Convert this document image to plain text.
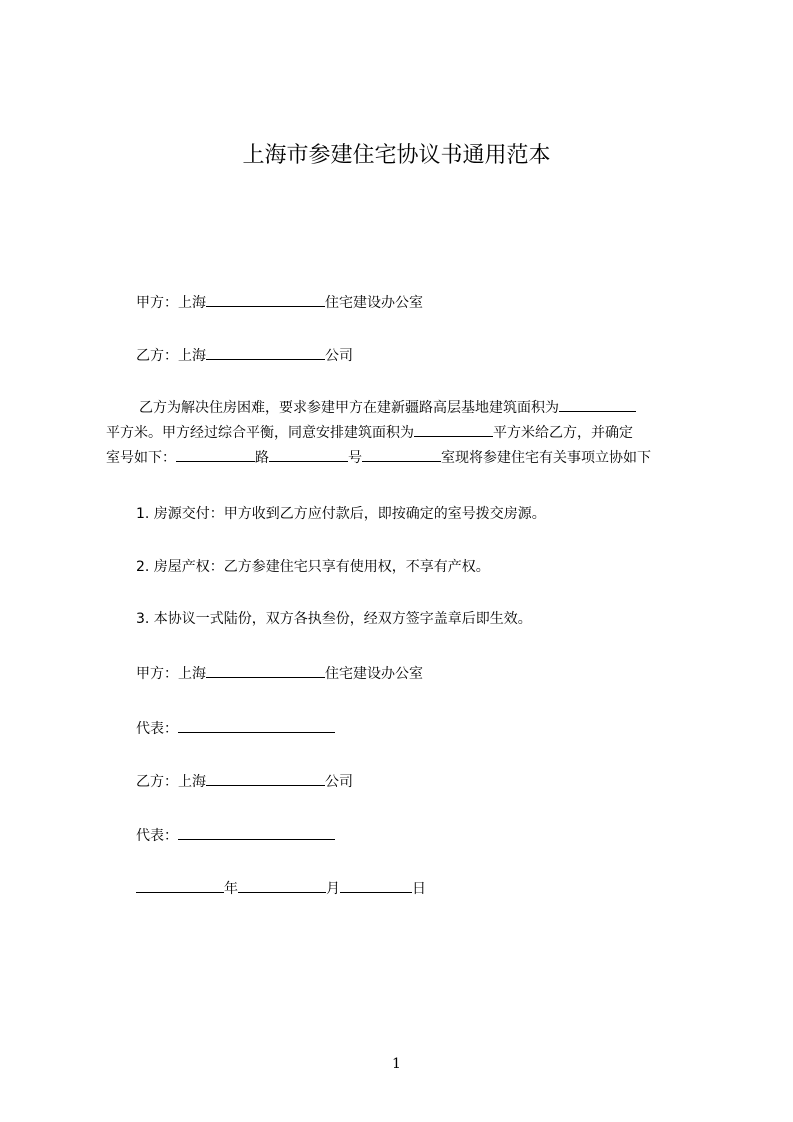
上海市参建住宅协议书通用范本
甲方：上海	住宅建设办公室
乙方：上海	公司
乙方为解决住房困难，要求参建甲方在建新疆路高层基地建筑面积为
平方米。甲方经过综合平衡，同意安排建筑面积为	平方米给乙方，并确定
室号如下：	路	号	室现将参建住宅有关事项立协如下
1. 房源交付：甲方收到乙方应付款后，即按确定的室号拨交房源。
2. 房屋产权：乙方参建住宅只享有使用权，不享有产权。
3. 本协议一式陆份，双方各执叁份，经双方签字盖章后即生效。
甲方：上海	住宅建设办公室
代表：
乙方：上海	公司
代表：
年	月	日
1
